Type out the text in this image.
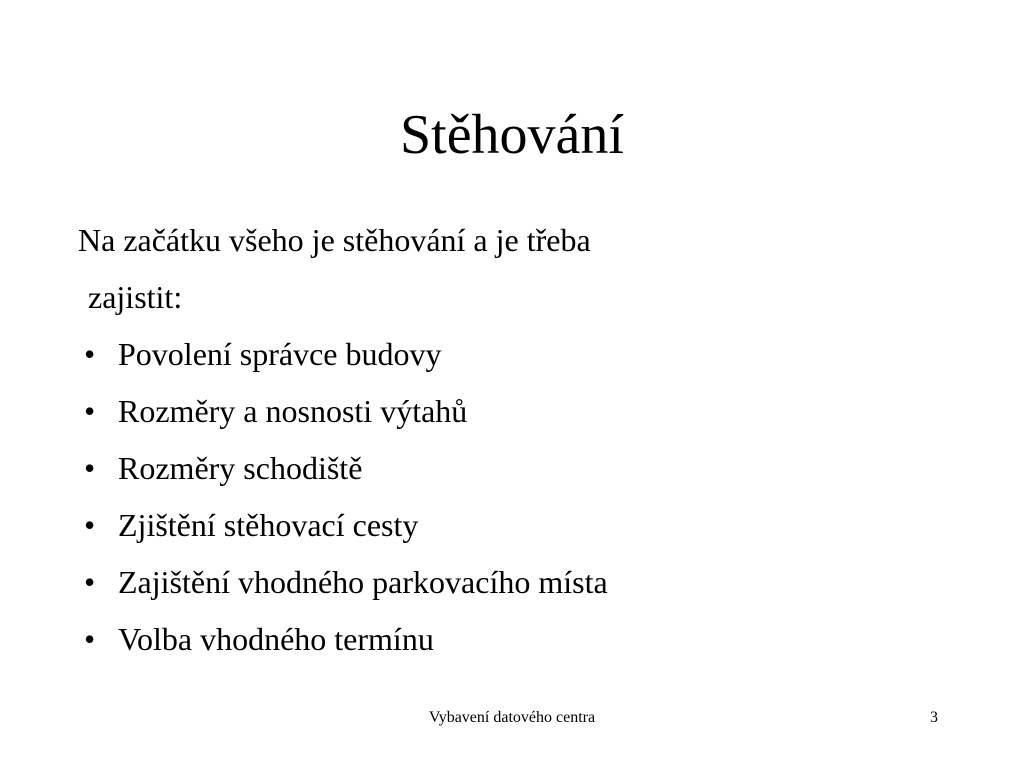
Stěhování

Na začátku všeho je stěhování a je třeba

zajistit:

• Povolení správce budovy
• Rozměry a nosnosti výtahů
• Rozměry schodiště
• Zjištění stěhovací cesty
• Zajištění vhodného parkovacího místa
• Volba vhodného termínu
Vybavení datového centra	3
